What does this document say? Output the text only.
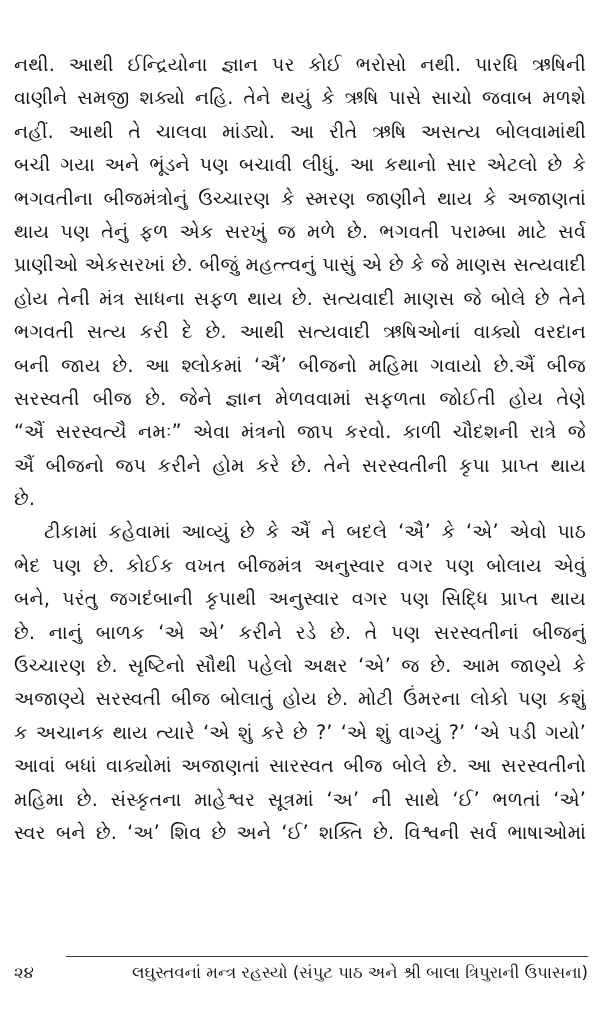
નથી. આથી ઈન્દ્રિયોના જ્ઞાન પર કોઈ ભરોસો નથી. પારધિ ઋષિની
વાણીને સમજી શક્યો નહિ. તેને થયું કે ઋષિ પાસે સાચો જવાબ મળશે
નહીં. આથી તે ચાલવા માંડ્યો. આ રીતે ઋષિ અસત્ય બોલવામાંથી
બચી ગયા અને ભૂંડને પણ બચાવી લીધું. આ કથાનો સાર એટલો છે કે
ભગવતીના બીજમંત્રોનું ઉચ્ચારણ કે સ્મરણ જાણીને થાય કે અજાણતાં
થાય પણ તેનું ફળ એક સરખું જ મળે છે. ભગવતી પરામ્બા માટે સર્વ
પ્રાણીઓ એકસરખાં છે. બીજું મહત્ત્વનું પાસું એ છે કે જે માણસ સત્યવાદી
હોય તેની મંત્ર સાધના સફળ થાય છે. સત્યવાદી માણસ જે બોલે છે તેને
ભગવતી સત્ય કરી દે છે. આથી સત્યવાદી ઋષિઓનાં વાક્યો વરદાન
બની જાય છે. આ શ્લોકમાં ‘ઐં’ બીજનો મહિમા ગવાયો છે.ઐં બીજ
સરસ્વતી બીજ છે. જેને જ્ઞાન મેળવવામાં સફળતા જોઈતી હોય તેણે
“ઐં સરસ્વત્યૈ નમઃ” એવા મંત્રનો જાપ કરવો. કાળી ચૌદશની રાત્રે જે
ઐં બીજનો જપ કરીને હોમ કરે છે. તેને સરસ્વતીની કૃપા પ્રાપ્ત થાય
છે.
ટીકામાં કહેવામાં આવ્યું છે કે ઐં ને બદલે ‘ઐ’ કે ‘એ’ એવો પાઠ
ભેદ પણ છે. કોઈક વખત બીજમંત્ર અનુસ્વાર વગર પણ બોલાય એવું
બને, પરંતુ જગદંબાની કૃપાથી અનુસ્વાર વગર પણ સિદ્ધિ પ્રાપ્ત થાય
છે. નાનું બાળક ‘એ એ’ કરીને રડે છે. તે પણ સરસ્વતીનાં બીજનું
ઉચ્ચારણ છે. સૃષ્ટિનો સૌથી પહેલો અક્ષર ‘એ’ જ છે. આમ જાણ્યે કે
અજાણ્યે સરસ્વતી બીજ બોલાતું હોય છે. મોટી ઉંમરના લોકો પણ કશું
ક અચાનક થાય ત્યારે ‘એ શું કરે છે ?’ ‘એ શું વાગ્યું ?’ ‘એ પડી ગયો’
આવાં બધાં વાક્યોમાં અજાણતાં સારસ્વત બીજ બોલે છે. આ સરસ્વતીનો
મહિમા છે. સંસ્કૃતના માહેશ્વર સૂત્રમાં ‘અ’ ની સાથે ‘ઈ’ ભળતાં ‘એ’
સ્વર બને છે. ‘અ’ શિવ છે અને ‘ઈ’ શક્તિ છે. વિશ્વની સર્વ ભાષાઓમાં
૨૪	લઘુસ્તવનાં મન્ત્ર રહસ્યો (સંપુટ પાઠ અને શ્રી બાલા ત્રિપુરાની ઉપાસના)
